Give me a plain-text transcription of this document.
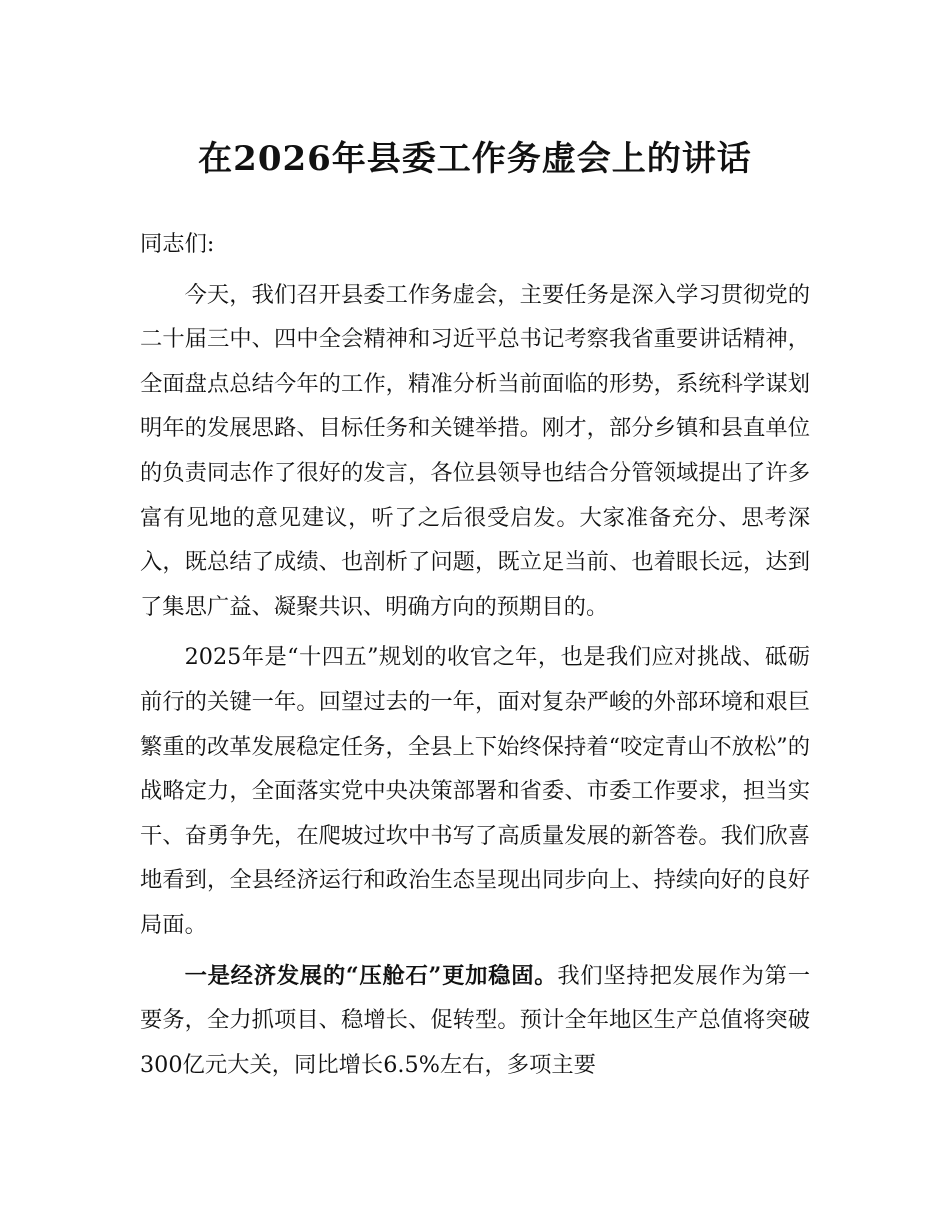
在2026年县委工作务虚会上的讲话

同志们:

今天，我们召开县委工作务虚会，主要任务是深入学习贯彻党的二十届三中、四中全会精神和习近平总书记考察我省重要讲话精神，全面盘点总结今年的工作，精准分析当前面临的形势，系统科学谋划明年的发展思路、目标任务和关键举措。刚才，部分乡镇和县直单位的负责同志作了很好的发言，各位县领导也结合分管领域提出了许多富有见地的意见建议，听了之后很受启发。大家准备充分、思考深入，既总结了成绩、也剖析了问题，既立足当前、也着眼长远，达到了集思广益、凝聚共识、明确方向的预期目的。

2025年是“十四五”规划的收官之年，也是我们应对挑战、砥砺前行的关键一年。回望过去的一年，面对复杂严峻的外部环境和艰巨繁重的改革发展稳定任务，全县上下始终保持着“咬定青山不放松”的战略定力，全面落实党中央决策部署和省委、市委工作要求，担当实干、奋勇争先，在爬坡过坎中书写了高质量发展的新答卷。我们欣喜地看到，全县经济运行和政治生态呈现出同步向上、持续向好的良好局面。

一是经济发展的“压舱石”更加稳固。我们坚持把发展作为第一要务，全力抓项目、稳增长、促转型。预计全年地区生产总值将突破300亿元大关，同比增长6.5%左右，多项主要
